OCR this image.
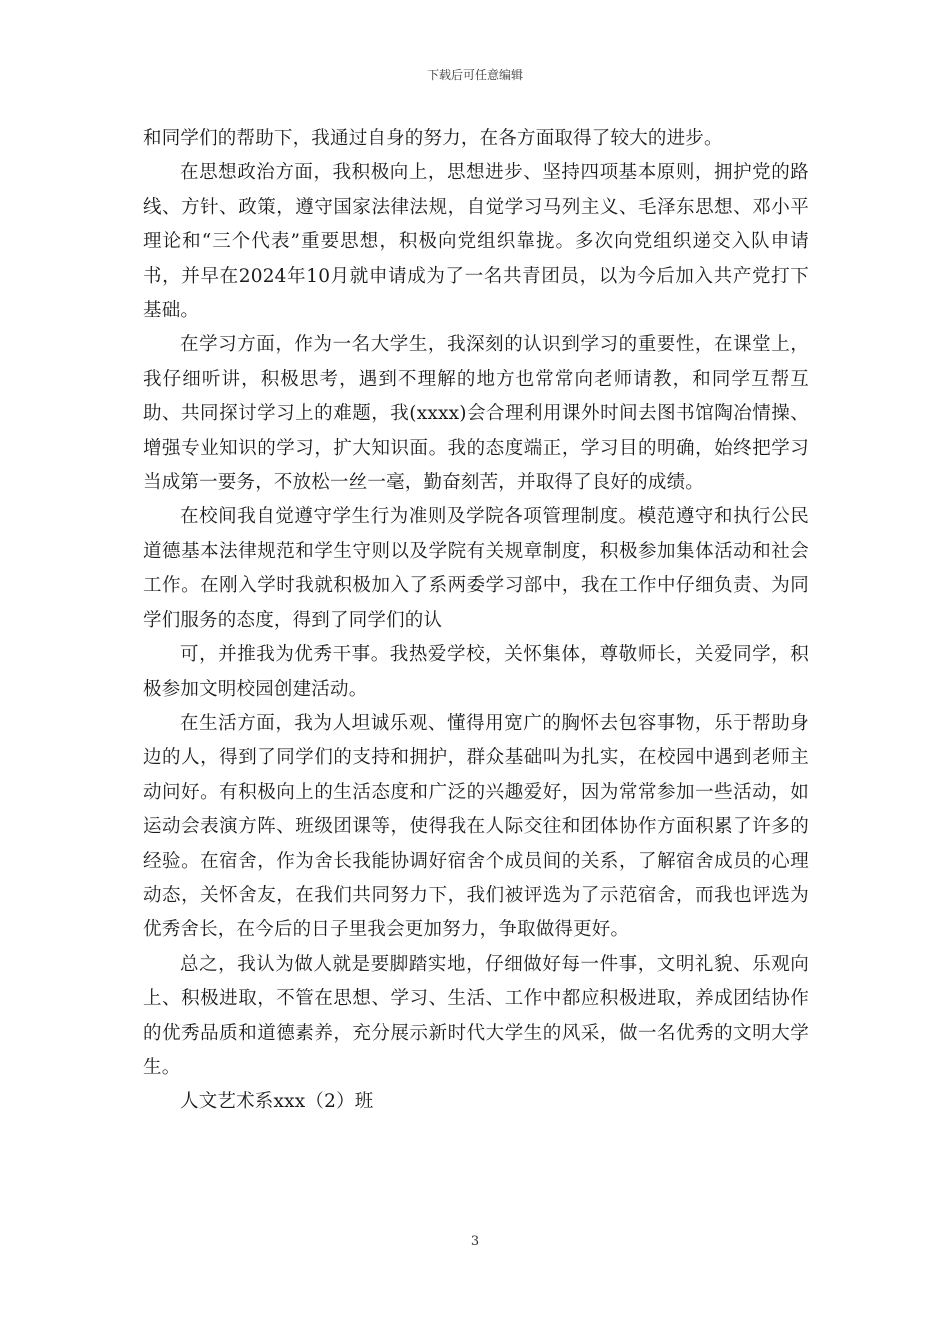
下载后可任意编辑

和同学们的帮助下，我通过自身的努力，在各方面取得了较大的进步。

在思想政治方面，我积极向上，思想进步、坚持四项基本原则，拥护党的路线、方针、政策，遵守国家法律法规，自觉学习马列主义、毛泽东思想、邓小平理论和“三个代表”重要思想，积极向党组织靠拢。多次向党组织递交入队申请书，并早在2024年10月就申请成为了一名共青团员，以为今后加入共产党打下基础。

在学习方面，作为一名大学生，我深刻的认识到学习的重要性，在课堂上，我仔细听讲，积极思考，遇到不理解的地方也常常向老师请教，和同学互帮互助、共同探讨学习上的难题，我(xxxx)会合理利用课外时间去图书馆陶冶情操、增强专业知识的学习，扩大知识面。我的态度端正，学习目的明确，始终把学习当成第一要务，不放松一丝一毫，勤奋刻苦，并取得了良好的成绩。

在校间我自觉遵守学生行为准则及学院各项管理制度。模范遵守和执行公民道德基本法律规范和学生守则以及学院有关规章制度，积极参加集体活动和社会工作。在刚入学时我就积极加入了系两委学习部中，我在工作中仔细负责、为同学们服务的态度，得到了同学们的认

可，并推我为优秀干事。我热爱学校，关怀集体，尊敬师长，关爱同学，积极参加文明校园创建活动。

在生活方面，我为人坦诚乐观、懂得用宽广的胸怀去包容事物，乐于帮助身边的人，得到了同学们的支持和拥护，群众基础叫为扎实，在校园中遇到老师主动问好。有积极向上的生活态度和广泛的兴趣爱好，因为常常参加一些活动，如运动会表演方阵、班级团课等，使得我在人际交往和团体协作方面积累了许多的经验。在宿舍，作为舍长我能协调好宿舍个成员间的关系，了解宿舍成员的心理动态，关怀舍友，在我们共同努力下，我们被评选为了示范宿舍，而我也评选为优秀舍长，在今后的日子里我会更加努力，争取做得更好。

总之，我认为做人就是要脚踏实地，仔细做好每一件事，文明礼貌、乐观向上、积极进取，不管在思想、学习、生活、工作中都应积极进取，养成团结协作的优秀品质和道德素养，充分展示新时代大学生的风采，做一名优秀的文明大学生。

人文艺术系xxx（2）班

3
